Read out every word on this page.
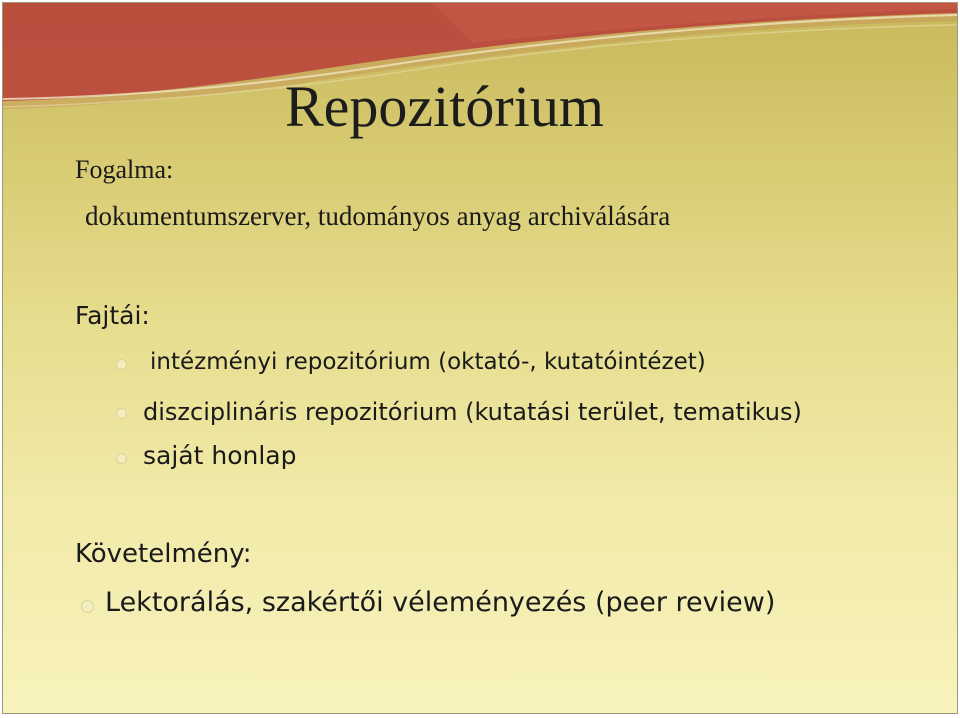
Repozitórium
Fogalma:
dokumentumszerver, tudományos anyag archiválására
Fajtái:
intézményi repozitórium (oktató-, kutatóintézet)
diszciplináris repozitórium (kutatási terület, tematikus)
saját honlap
Követelmény:
Lektorálás, szakértői véleményezés (peer review)
